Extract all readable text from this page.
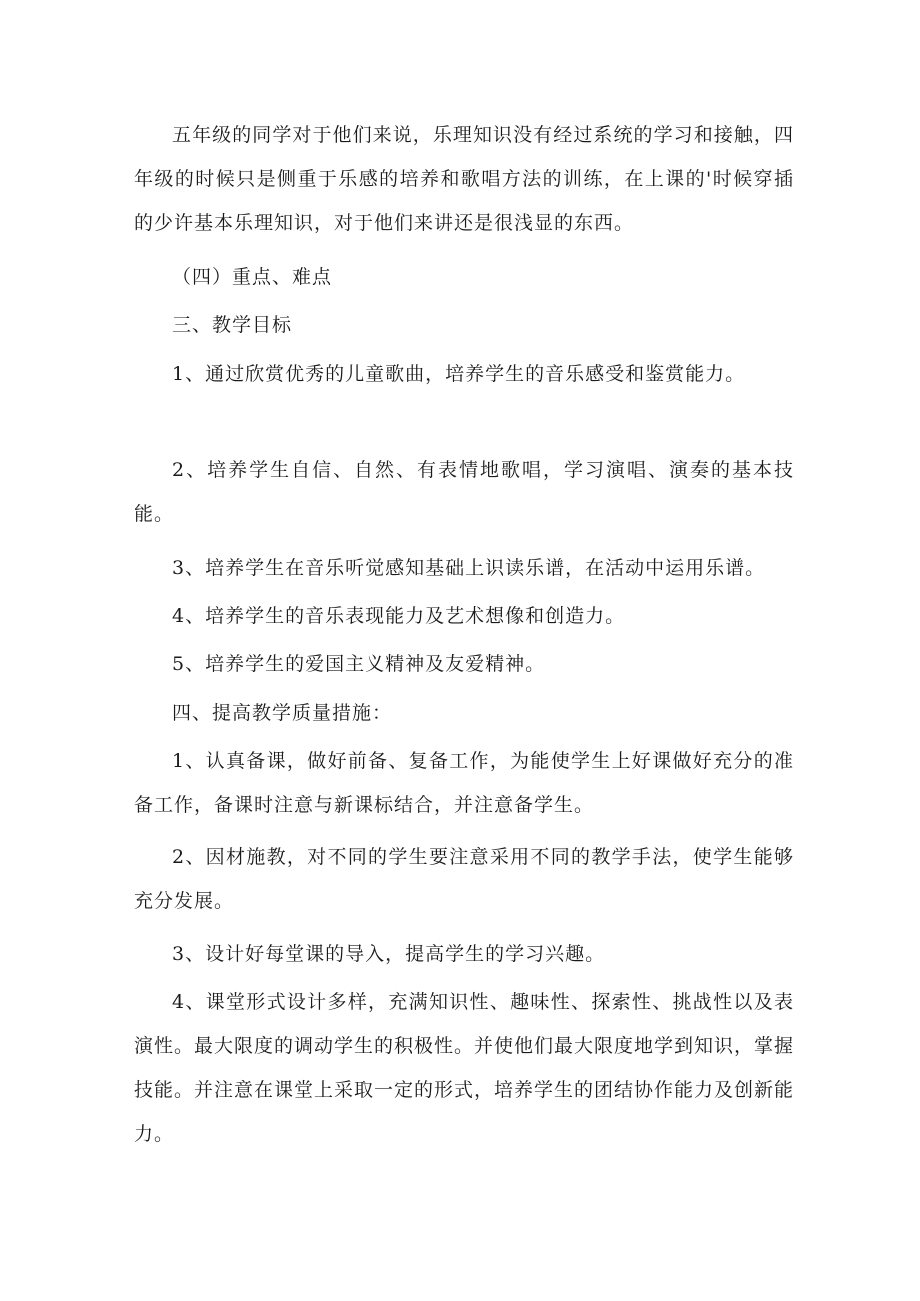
五年级的同学对于他们来说，乐理知识没有经过系统的学习和接触，四年级的时候只是侧重于乐感的培养和歌唱方法的训练，在上课的'时候穿插的少许基本乐理知识，对于他们来讲还是很浅显的东西。

（四）重点、难点

三、教学目标

1、通过欣赏优秀的儿童歌曲，培养学生的音乐感受和鉴赏能力。

2、培养学生自信、自然、有表情地歌唱，学习演唱、演奏的基本技能。

3、培养学生在音乐听觉感知基础上识读乐谱，在活动中运用乐谱。

4、培养学生的音乐表现能力及艺术想像和创造力。

5、培养学生的爱国主义精神及友爱精神。

四、提高教学质量措施：

1、认真备课，做好前备、复备工作，为能使学生上好课做好充分的准备工作，备课时注意与新课标结合，并注意备学生。

2、因材施教，对不同的学生要注意采用不同的教学手法，使学生能够充分发展。

3、设计好每堂课的导入，提高学生的学习兴趣。

4、课堂形式设计多样，充满知识性、趣味性、探索性、挑战性以及表演性。最大限度的调动学生的积极性。并使他们最大限度地学到知识，掌握技能。并注意在课堂上采取一定的形式，培养学生的团结协作能力及创新能力。
